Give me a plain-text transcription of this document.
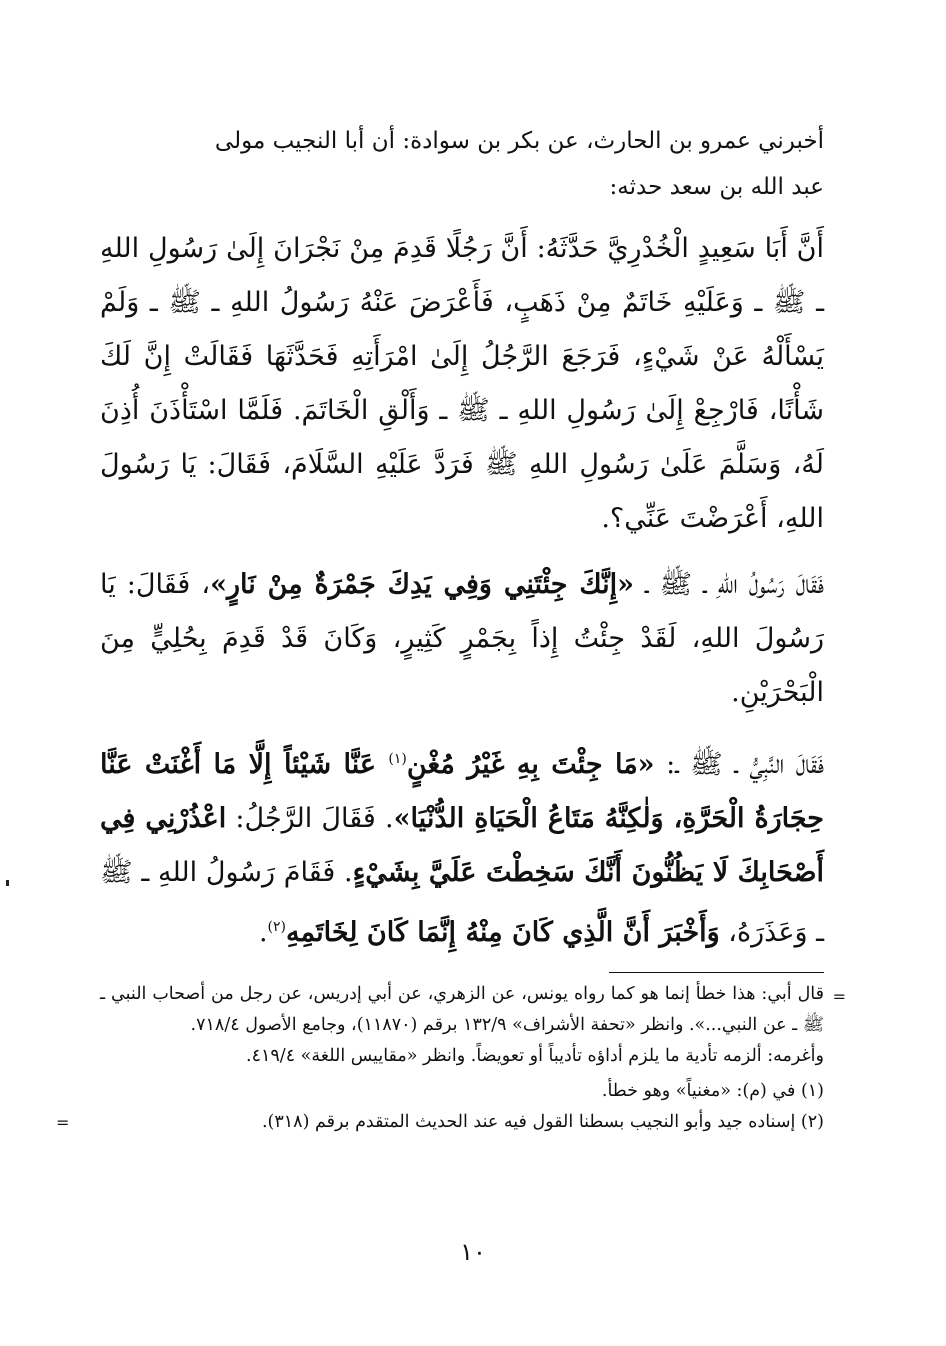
أخبرني عمرو بن الحارث، عن بكر بن سوادة: أن أبا النجيب مولى
عبد الله بن سعد حدثه:

أَنَّ أَبَا سَعِيدٍ الْخُدْرِيَّ حَدَّثَهُ: أَنَّ رَجُلًا قَدِمَ مِنْ نَجْرَانَ إِلَىٰ رَسُولِ اللهِ ـ ﷺ ـ وَعَلَيْهِ خَاتَمٌ مِنْ ذَهَبٍ، فَأَعْرَضَ عَنْهُ رَسُولُ اللهِ ـ ﷺ ـ وَلَمْ يَسْأَلْهُ عَنْ شَيْءٍ، فَرَجَعَ الرَّجُلُ إِلَىٰ امْرَأَتِهِ فَحَدَّثَهَا فَقَالَتْ إِنَّ لَكَ شَأْنًا، فَارْجِعْ إِلَىٰ رَسُولِ اللهِ ـ ﷺ ـ وَأَلْقِ الْخَاتَمَ. فَلَمَّا اسْتَأْذَنَ أُذِنَ لَهُ، وَسَلَّمَ عَلَىٰ رَسُولِ اللهِ ﷺ فَرَدَّ عَلَيْهِ السَّلَامَ، فَقَالَ: يَا رَسُولَ اللهِ، أَعْرَضْتَ عَنِّي؟.

فَقَالَ رَسُولُ اللهِ ـ ﷺ ـ «إِنَّكَ جِئْتَنِي وَفِي يَدِكَ جَمْرَةٌ مِنْ نَارٍ»، فَقَالَ: يَا رَسُولَ اللهِ، لَقَدْ جِئْتُ إِذاً بِجَمْرٍ كَثِيرٍ، وَكَانَ قَدْ قَدِمَ بِحُلِيٍّ مِنَ الْبَحْرَيْنِ.

فَقَالَ النَّبِيُّ ـ ﷺ ـ: «مَا جِئْتَ بِهِ غَيْرُ مُغْنٍ$^{(١)}$ عَنَّا شَيْئاً إِلَّا مَا أَغْنَتْ عَنَّا حِجَارَةُ الْحَرَّةِ، وَلٰكِنَّهُ مَتَاعُ الْحَيَاةِ الدُّنْيَا». فَقَالَ الرَّجُلُ: اعْذُرْنِي فِي أَصْحَابِكَ لَا يَظُنُّونَ أَنَّكَ سَخِطْتَ عَلَيَّ بِشَيْءٍ. فَقَامَ رَسُولُ اللهِ ـ ﷺ ـ وَعَذَرَهُ، وَأَخْبَرَ أَنَّ الَّذِي كَانَ مِنْهُ إِنَّمَا كَانَ لِخَاتَمِهِ$^{(٢)}$.

=
قال أبي: هذا خطأ إنما هو كما رواه يونس، عن الزهري، عن أبي إدريس، عن رجل من أصحاب النبي ـ ﷺ ـ عن النبي...». وانظر «تحفة الأشراف» ١٣٢/٩ برقم (١١٨٧٠)، وجامع الأصول ٧١٨/٤.
وأغرمه: ألزمه تأدية ما يلزم أداؤه تأديباً أو تعويضاً. وانظر «مقاييس اللغة» ٤١٩/٤.
(١) في (م): «مغنياً» وهو خطأ.
(٢) إسناده جيد وأبو النجيب بسطنا القول فيه عند الحديث المتقدم برقم (٣١٨).
=
١٠
